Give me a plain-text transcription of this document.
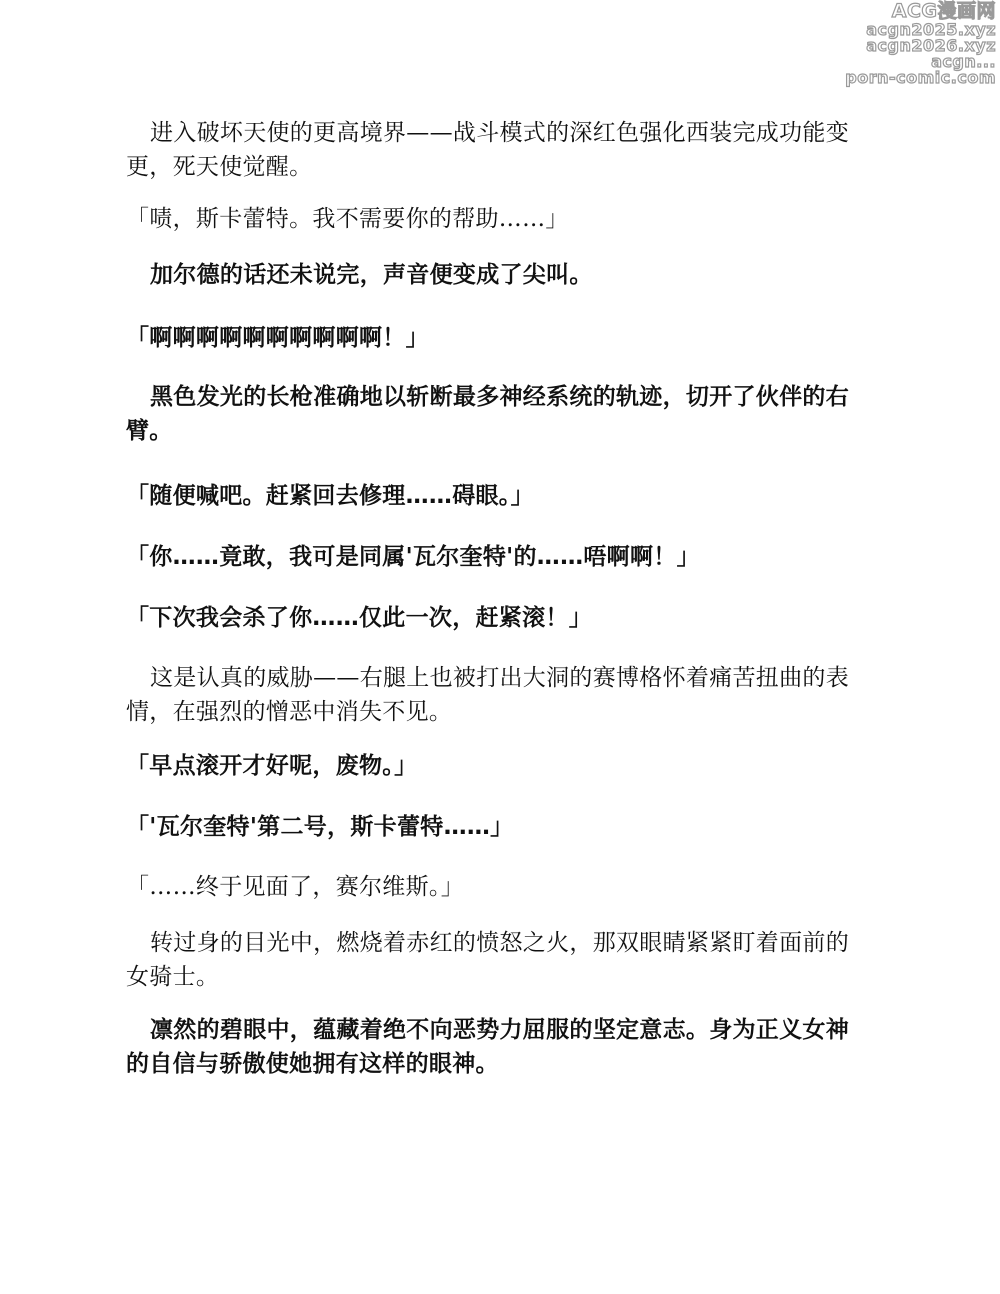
ACG漫画网
acgn2025.xyz
acgn2026.xyz
acgn...
porn-comic.com

进入破坏天使的更高境界——战斗模式的深红色强化西装完成功能变更，死天使觉醒。

「啧，斯卡蕾特。我不需要你的帮助……」

加尔德的话还未说完，声音便变成了尖叫。

「啊啊啊啊啊啊啊啊啊啊！」

黑色发光的长枪准确地以斩断最多神经系统的轨迹，切开了伙伴的右臂。

「随便喊吧。赶紧回去修理……碍眼。」

「你……竟敢，我可是同属'瓦尔奎特'的……唔啊啊！」

「下次我会杀了你……仅此一次，赶紧滚！」

这是认真的威胁——右腿上也被打出大洞的赛博格怀着痛苦扭曲的表情，在强烈的憎恶中消失不见。

「早点滚开才好呢，废物。」

「'瓦尔奎特'第二号，斯卡蕾特……」

「……终于见面了，赛尔维斯。」

转过身的目光中，燃烧着赤红的愤怒之火，那双眼睛紧紧盯着面前的女骑士。

凛然的碧眼中，蕴藏着绝不向恶势力屈服的坚定意志。身为正义女神的自信与骄傲使她拥有这样的眼神。
